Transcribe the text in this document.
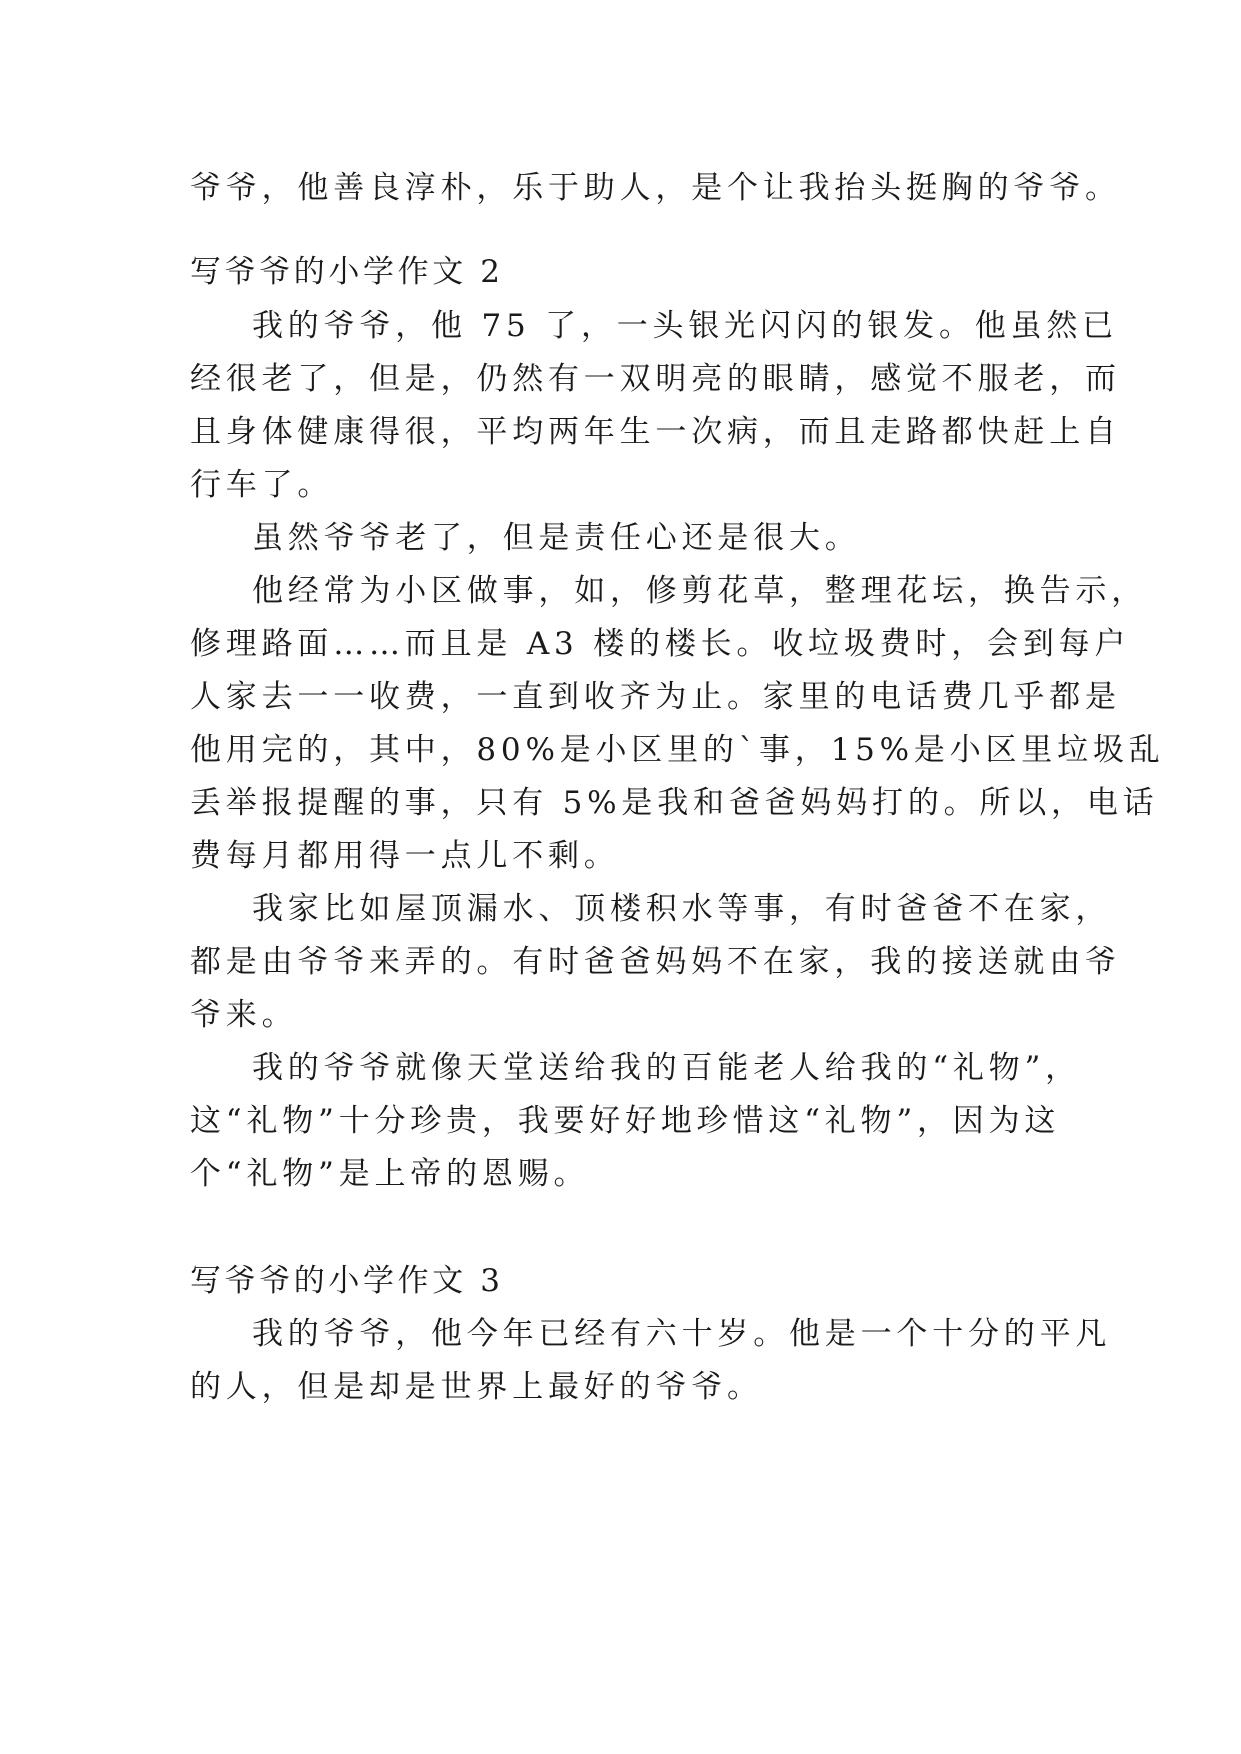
爷爷，他善良淳朴，乐于助人，是个让我抬头挺胸的爷爷。
写爷爷的小学作文 2
我的爷爷，他 75 了，一头银光闪闪的银发。他虽然已
经很老了，但是，仍然有一双明亮的眼睛，感觉不服老，而
且身体健康得很，平均两年生一次病，而且走路都快赶上自
行车了。
虽然爷爷老了，但是责任心还是很大。
他经常为小区做事，如，修剪花草，整理花坛，换告示，
修理路面……而且是 A3 楼的楼长。收垃圾费时，会到每户
人家去一一收费，一直到收齐为止。家里的电话费几乎都是
他用完的，其中，80%是小区里的`事，15%是小区里垃圾乱
丢举报提醒的事，只有 5%是我和爸爸妈妈打的。所以，电话
费每月都用得一点儿不剩。
我家比如屋顶漏水、顶楼积水等事，有时爸爸不在家，
都是由爷爷来弄的。有时爸爸妈妈不在家，我的接送就由爷
爷来。
我的爷爷就像天堂送给我的百能老人给我的“礼物”，
这“礼物”十分珍贵，我要好好地珍惜这“礼物”，因为这
个“礼物”是上帝的恩赐。
写爷爷的小学作文 3
我的爷爷，他今年已经有六十岁。他是一个十分的平凡
的人，但是却是世界上最好的爷爷。
